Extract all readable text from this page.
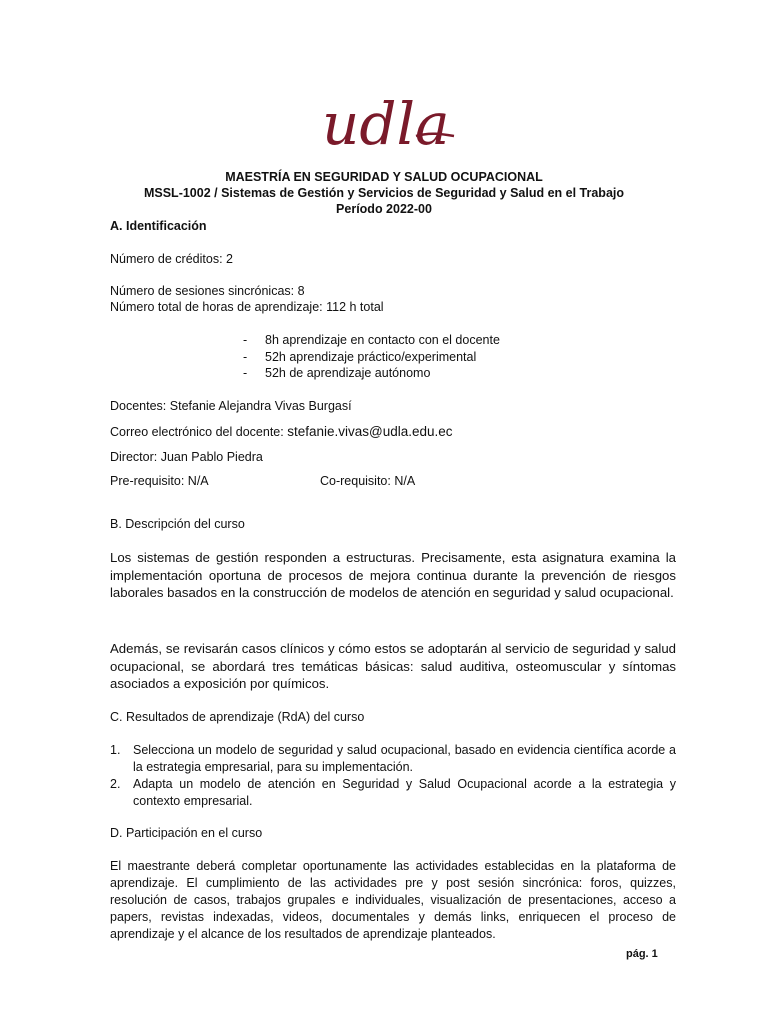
udla
MAESTRÍA EN SEGURIDAD Y SALUD OCUPACIONAL
MSSL-1002 / Sistemas de Gestión y Servicios de Seguridad y Salud en el Trabajo
Período 2022-00
A. Identificación
Número de créditos: 2
Número de sesiones sincrónicas: 8
Número total de horas de aprendizaje: 112 h total
- 8h aprendizaje en contacto con el docente
- 52h aprendizaje práctico/experimental
- 52h de aprendizaje autónomo
Docentes: Stefanie Alejandra Vivas Burgasí
Correo electrónico del docente: stefanie.vivas@udla.edu.ec
Director: Juan Pablo Piedra
Pre-requisito: N/A	Co-requisito: N/A
B. Descripción del curso
Los sistemas de gestión responden a estructuras. Precisamente, esta asignatura examina la implementación oportuna de procesos de mejora continua durante la prevención de riesgos laborales basados en la construcción de modelos de atención en seguridad y salud ocupacional.
Además, se revisarán casos clínicos y cómo estos se adoptarán al servicio de seguridad y salud ocupacional, se abordará tres temáticas básicas: salud auditiva, osteomuscular y síntomas asociados a exposición por químicos.
C. Resultados de aprendizaje (RdA) del curso
1. Selecciona un modelo de seguridad y salud ocupacional, basado en evidencia científica acorde a la estrategia empresarial, para su implementación.
2. Adapta un modelo de atención en Seguridad y Salud Ocupacional acorde a la estrategia y contexto empresarial.
D. Participación en el curso
El maestrante deberá completar oportunamente las actividades establecidas en la plataforma de aprendizaje. El cumplimiento de las actividades pre y post sesión sincrónica: foros, quizzes, resolución de casos, trabajos grupales e individuales, visualización de presentaciones, acceso a papers, revistas indexadas, videos, documentales y demás links, enriquecen el proceso de aprendizaje y el alcance de los resultados de aprendizaje planteados.
pág. 1
